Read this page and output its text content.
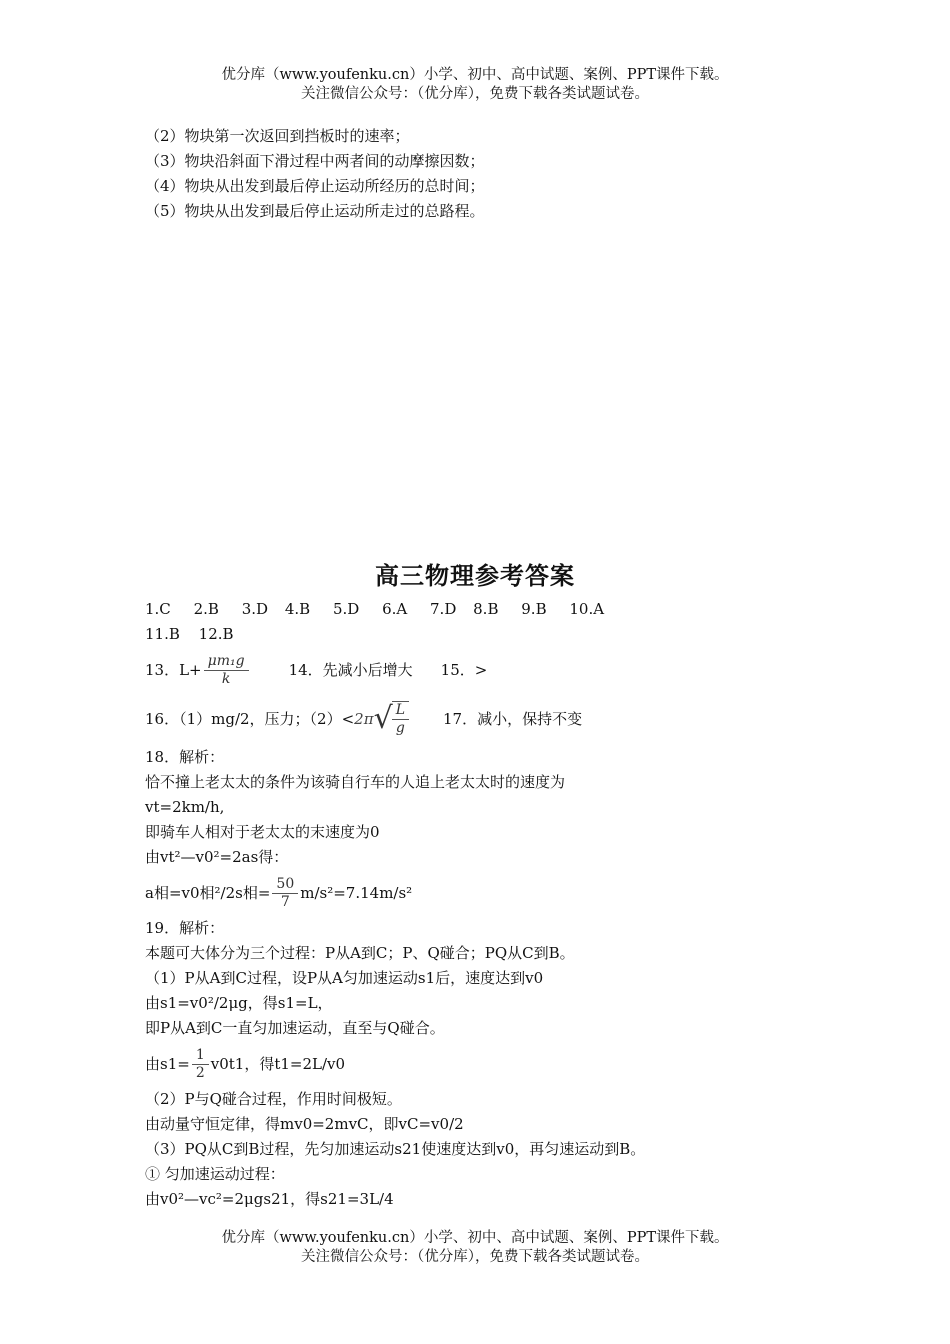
优分库（www.youfenku.cn）小学、初中、高中试题、案例、PPT课件下载。
关注微信公众号：（优分库），免费下载各类试题试卷。
（2）物块第一次返回到挡板时的速率；
（3）物块沿斜面下滑过程中两者间的动摩擦因数；
（4）物块从出发到最后停止运动所经历的总时间；
（5）物块从出发到最后停止运动所走过的总路程。
高三物理参考答案
1.C 2.B 3.D 4.B 5.D 6.A 7.D 8.B 9.B 10.A
11.B 12.B
13．$L+ \frac{\text{μm₁g}}{k}$	14．先减小后增大 15．>
16．（1）mg/2，压力；（2）< 2π √ $\frac{L}{g} 17$．减小，保持不变
18．解析：
恰不撞上老太太的条件为该骑自行车的人追上老太太时的速度为
vt=2km/h,
即骑车人相对于老太太的末速度为0
由vt²—v0²=2as得：
a相=v0相²/2s相= $\frac{50}{7} m/s^2=7.14m/s^2$
19．解析：
本题可大体分为三个过程：P从A到C；P、Q碰合；PQ从C到B。
（1）P从A到C过程，设P从A匀加速运动s1后，速度达到v0
由s1=v0²/2μg，得s1=L，
即P从A到C一直匀加速运动，直至与Q碰合。
由$s1= \frac{1}{2} v0t1$，得t1=2L/v0
（2）P与Q碰合过程，作用时间极短。
由动量守恒定律，得mv0=2mvC，即vC=v0/2
（3）PQ从C到B过程，先匀加速运动s21使速度达到v0，再匀速运动到B。
① 匀加速运动过程：
由v0²—vc²=2μgs21，得s21=3L/4
优分库（www.youfenku.cn）小学、初中、高中试题、案例、PPT课件下载。
关注微信公众号：（优分库），免费下载各类试题试卷。
